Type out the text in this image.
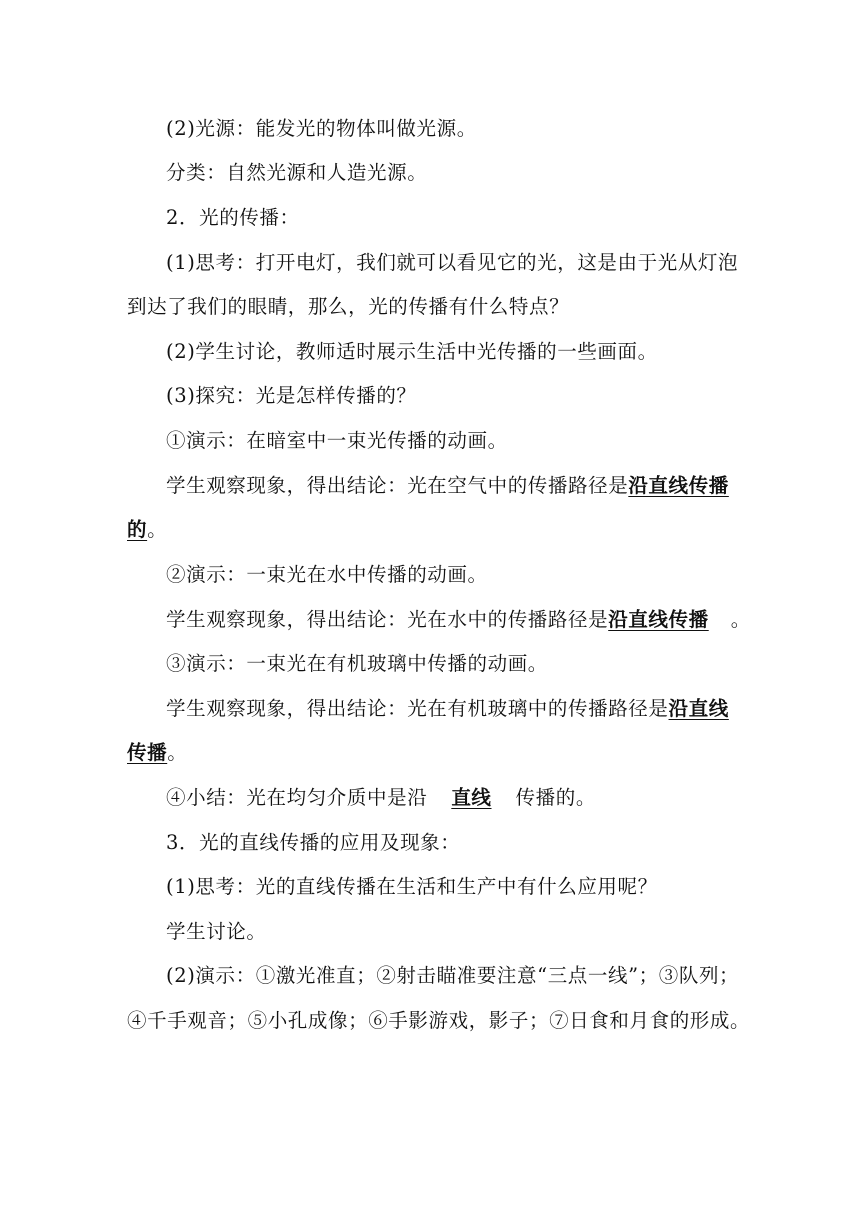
(2)光源：能发光的物体叫做光源。
分类：自然光源和人造光源。
2．光的传播：
(1)思考：打开电灯，我们就可以看见它的光，这是由于光从灯泡
到达了我们的眼睛，那么，光的传播有什么特点？
(2)学生讨论，教师适时展示生活中光传播的一些画面。
(3)探究：光是怎样传播的？
①演示：在暗室中一束光传播的动画。
学生观察现象，得出结论：光在空气中的传播路径是沿直线传播
的。
②演示：一束光在水中传播的动画。
学生观察现象，得出结论：光在水中的传播路径是沿直线传播 。
③演示：一束光在有机玻璃中传播的动画。
学生观察现象，得出结论：光在有机玻璃中的传播路径是沿直线
传播。
④小结：光在均匀介质中是沿 直线 传播的。
3．光的直线传播的应用及现象：
(1)思考：光的直线传播在生活和生产中有什么应用呢？
学生讨论。
(2)演示：①激光准直；②射击瞄准要注意“三点一线”；③队列；
④千手观音；⑤小孔成像；⑥手影游戏，影子；⑦日食和月食的形成。
